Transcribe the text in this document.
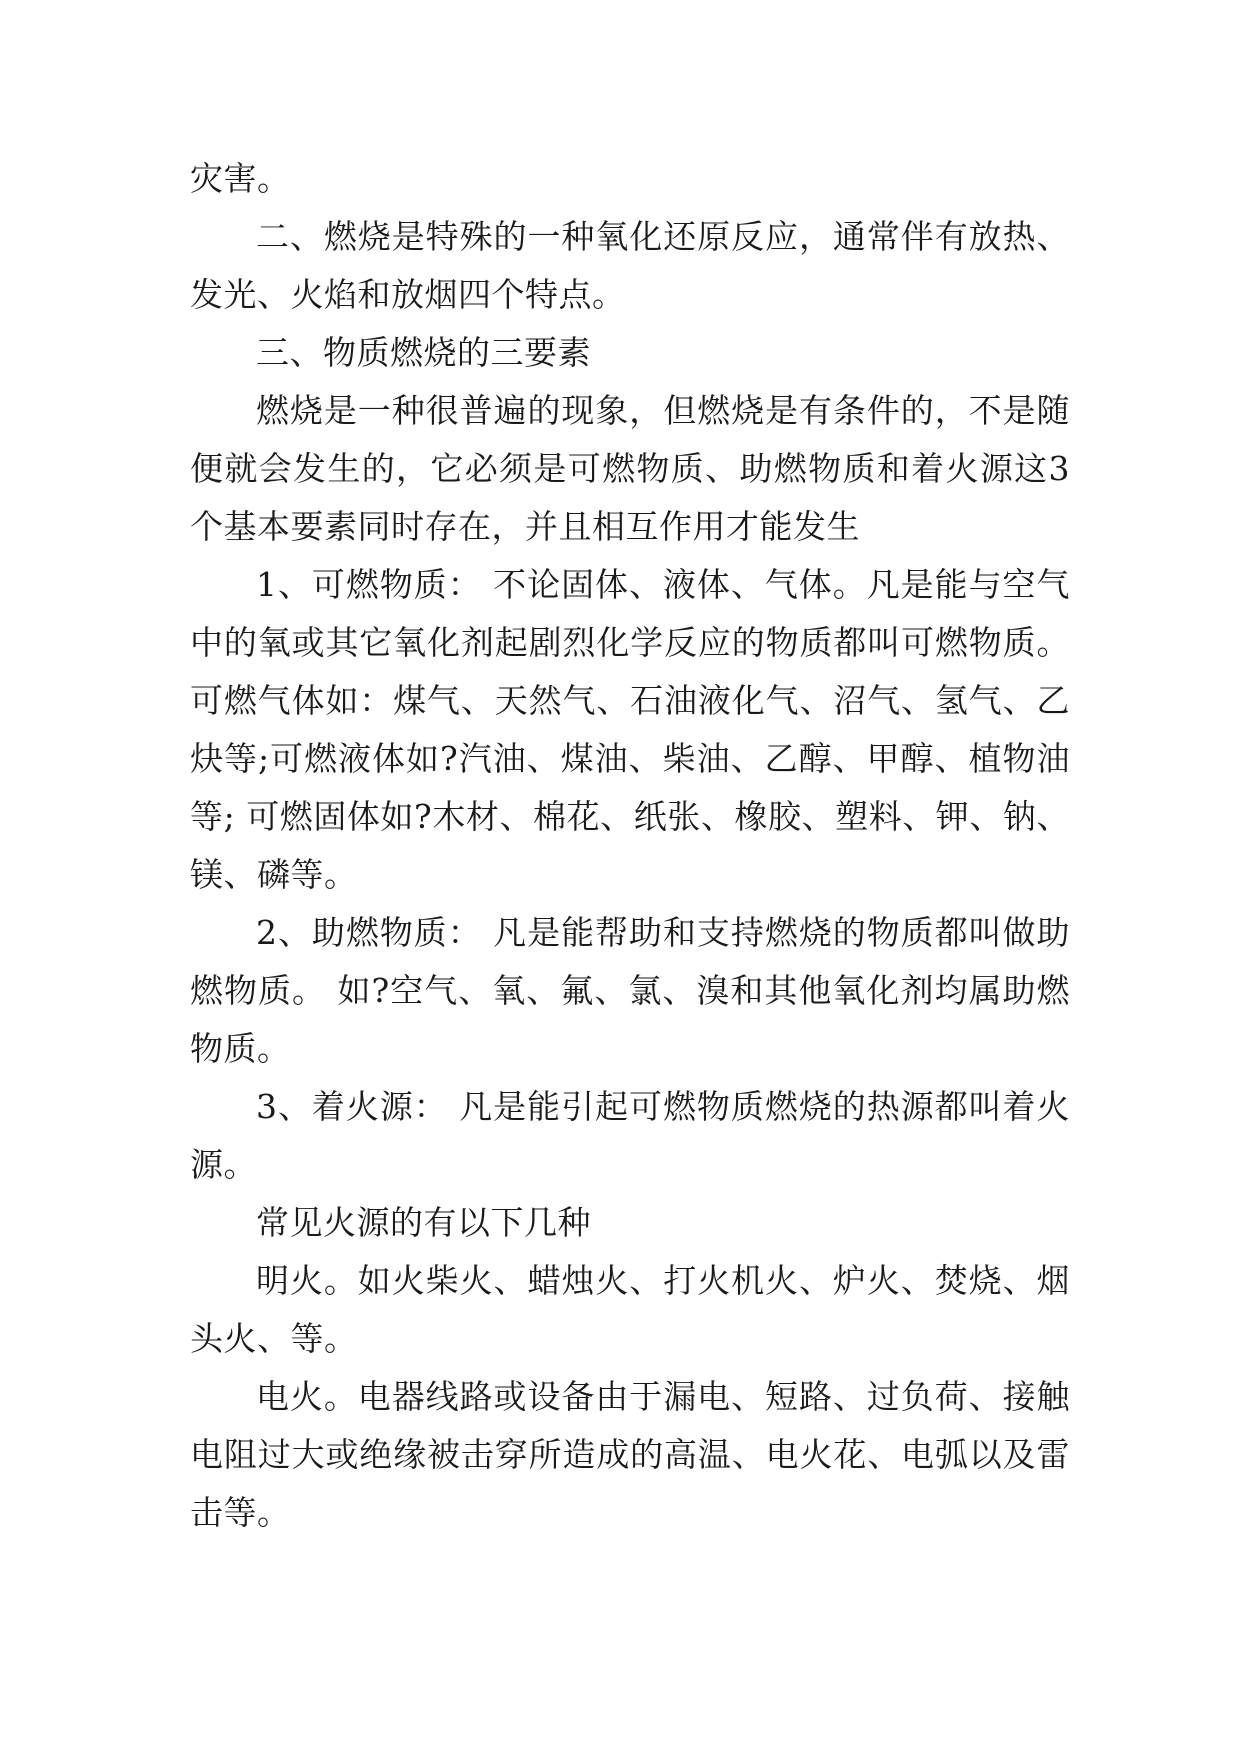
灾害。

二、燃烧是特殊的一种氧化还原反应，通常伴有放热、发光、火焰和放烟四个特点。

三、物质燃烧的三要素

燃烧是一种很普遍的现象，但燃烧是有条件的，不是随便就会发生的，它必须是可燃物质、助燃物质和着火源这3个基本要素同时存在，并且相互作用才能发生

1、可燃物质： 不论固体、液体、气体。凡是能与空气中的氧或其它氧化剂起剧烈化学反应的物质都叫可燃物质。可燃气体如：煤气、天然气、石油液化气、沼气、氢气、乙炔等;可燃液体如?汽油、煤油、柴油、乙醇、甲醇、植物油等; 可燃固体如?木材、棉花、纸张、橡胶、塑料、钾、钠、镁、磷等。

2、助燃物质： 凡是能帮助和支持燃烧的物质都叫做助燃物质。 如?空气、氧、氟、氯、溴和其他氧化剂均属助燃物质。

3、着火源： 凡是能引起可燃物质燃烧的热源都叫着火源。

常见火源的有以下几种

明火。如火柴火、蜡烛火、打火机火、炉火、焚烧、烟头火、等。

电火。电器线路或设备由于漏电、短路、过负荷、接触电阻过大或绝缘被击穿所造成的高温、电火花、电弧以及雷击等。
